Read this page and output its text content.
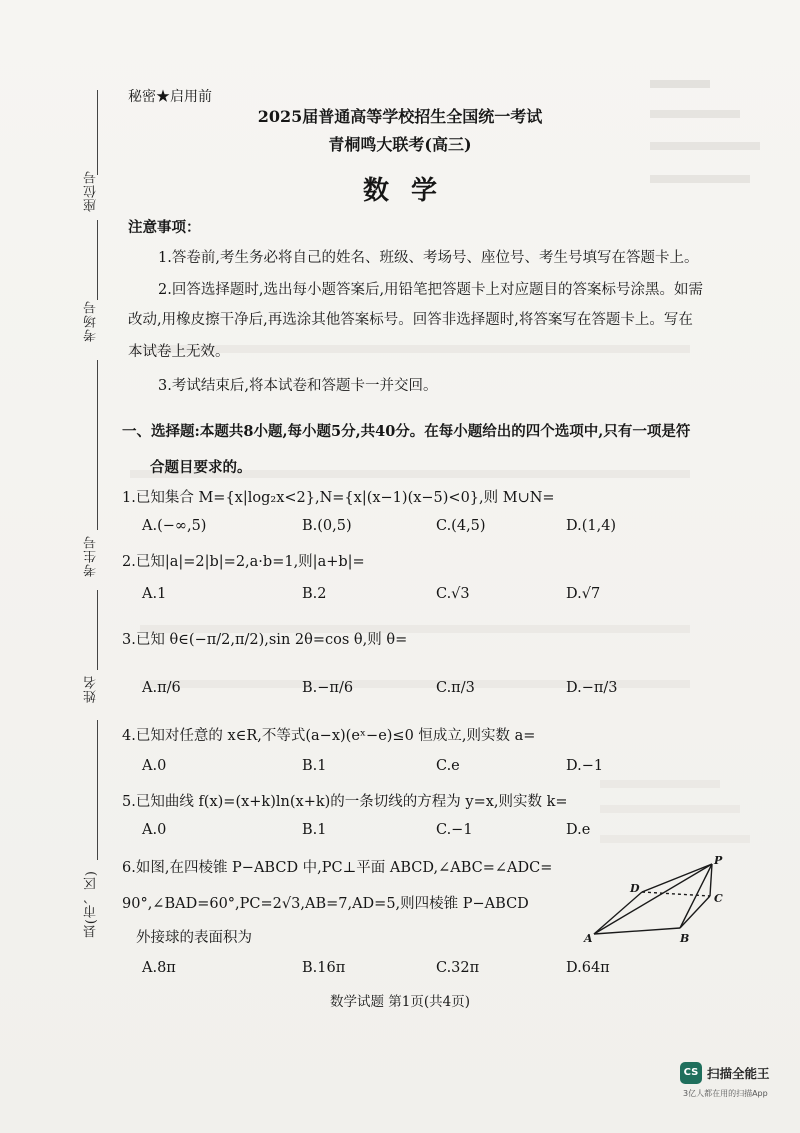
座位号
考场号
考生号
姓名
县(市、区)
秘密★启用前
2025届普通高等学校招生全国统一考试
青桐鸣大联考(高三)
数学
注意事项：
1.答卷前,考生务必将自己的姓名、班级、考场号、座位号、考生号填写在答题卡上。
2.回答选择题时,选出每小题答案后,用铅笔把答题卡上对应题目的答案标号涂黑。如需
改动,用橡皮擦干净后,再选涂其他答案标号。回答非选择题时,将答案写在答题卡上。写在
本试卷上无效。
3.考试结束后,将本试卷和答题卡一并交回。
一、选择题:本题共8小题,每小题5分,共40分。在每小题给出的四个选项中,只有一项是符
合题目要求的。
1.已知集合 M={x|log₂x<2},N={x|(x−1)(x−5)<0},则 M∪N=
A.(−∞,5)	B.(0,5)	C.(4,5)	D.(1,4)
2.已知|a|=2|b|=2,a·b=1,则|a+b|=
A.1	B.2	C.√3	D.√7
3.已知 θ∈(−π/2,π/2),sin 2θ=cos θ,则 θ=
A.π/6	B.−π/6	C.π/3	D.−π/3
4.已知对任意的 x∈R,不等式(a−x)(eˣ−e)≤0 恒成立,则实数 a=
A.0	B.1	C.e	D.−1
5.已知曲线 f(x)=(x+k)ln(x+k)的一条切线的方程为 y=x,则实数 k=
A.0	B.1	C.−1	D.e
6.如图,在四棱锥 P−ABCD 中,PC⊥平面 ABCD,∠ABC=∠ADC=
90°,∠BAD=60°,PC=2√3,AB=7,AD=5,则四棱锥 P−ABCD
外接球的表面积为
A.8π	B.16π	C.32π	D.64π
P
D
C
A	B
数学试题 第1页(共4页)
CS 扫描全能王
3亿人都在用的扫描App
